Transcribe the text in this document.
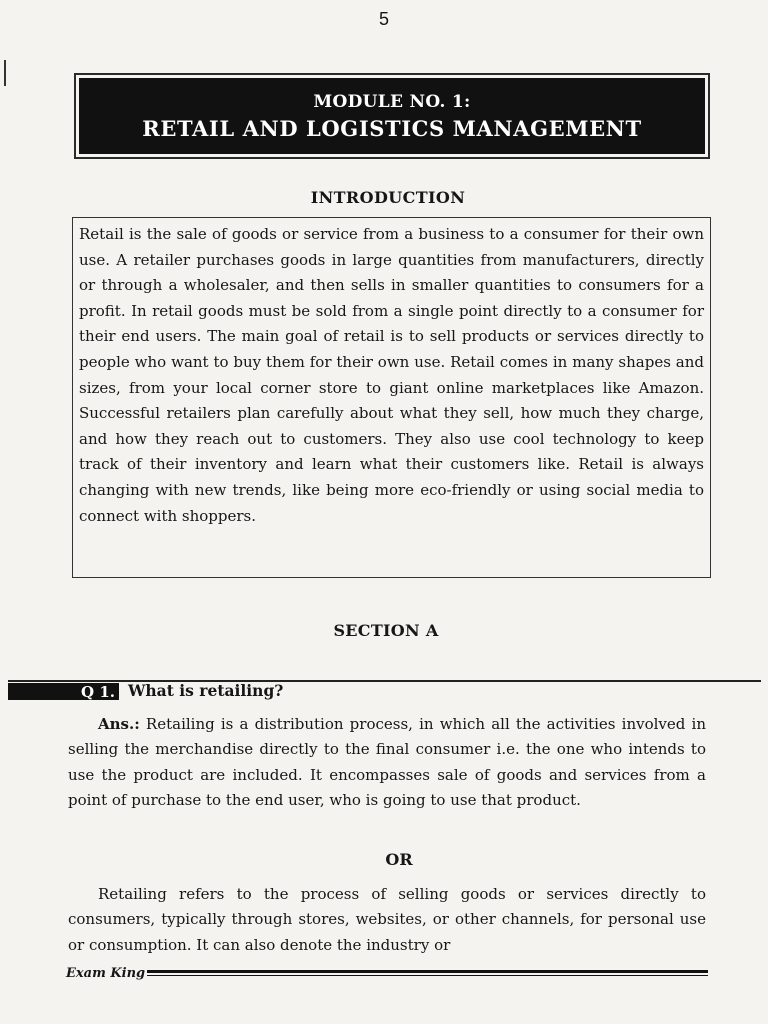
5
MODULE NO. 1:
RETAIL AND LOGISTICS MANAGEMENT
INTRODUCTION

Retail is the sale of goods or service from a business to a consumer for their own use. A retailer purchases goods in large quantities from manufacturers, directly or through a wholesaler, and then sells in smaller quantities to consumers for a profit. In retail goods must be sold from a single point directly to a consumer for their end users. The main goal of retail is to sell products or services directly to people who want to buy them for their own use. Retail comes in many shapes and sizes, from your local corner store to giant online marketplaces like Amazon. Successful retailers plan carefully about what they sell, how much they charge, and how they reach out to customers. They also use cool technology to keep track of their inventory and learn what their customers like. Retail is always changing with new trends, like being more eco-friendly or using social media to connect with shoppers.

SECTION A
Q 1. What is retailing?

Ans.: Retailing is a distribution process, in which all the activities involved in selling the merchandise directly to the final consumer i.e. the one who intends to use the product are included. It encompasses sale of goods and services from a point of purchase to the end user, who is going to use that product.

OR

Retailing refers to the process of selling goods or services directly to consumers, typically through stores, websites, or other channels, for personal use or consumption. It can also denote the industry or

Exam King
